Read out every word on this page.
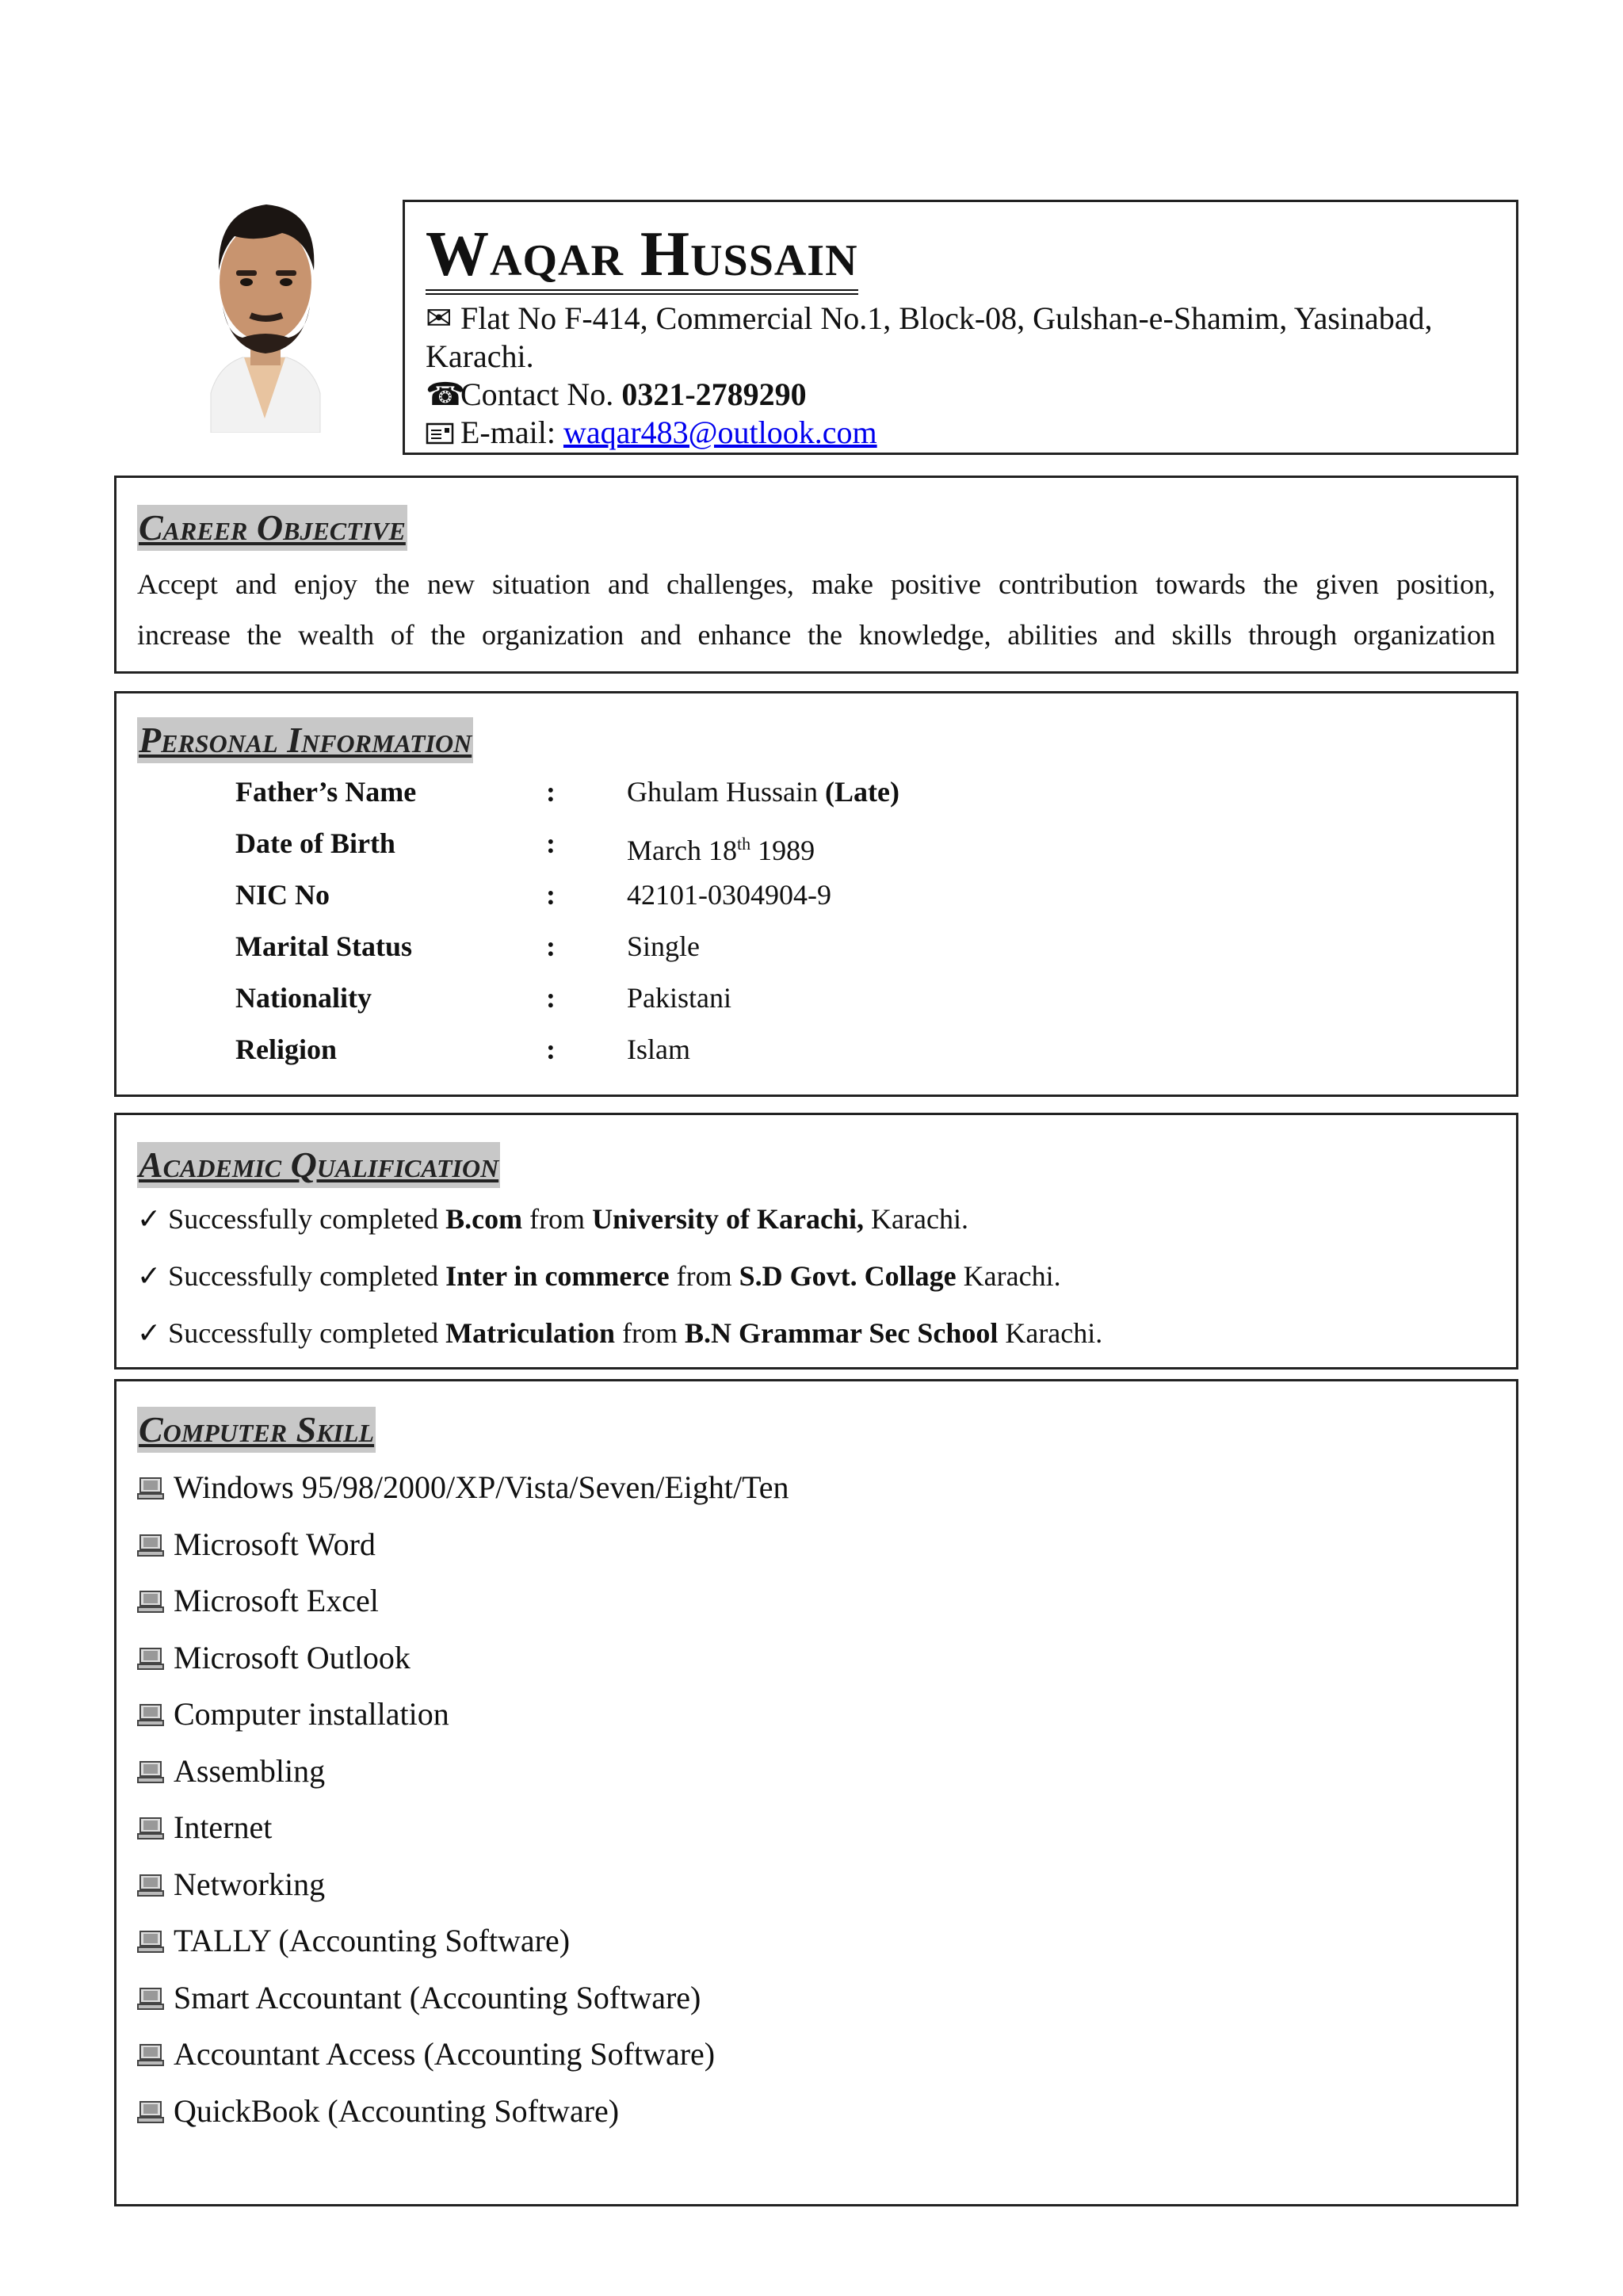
Waqar Hussain
✉ Flat No F-414, Commercial No.1, Block-08, Gulshan-e-Shamim, Yasinabad,
Karachi.
☎Contact No. 0321-2789290
E-mail: waqar483@outlook.com
Career Objective

Accept and enjoy the new situation and challenges, make positive contribution towards the given position,
increase the wealth of the organization and enhance the knowledge, abilities and skills through organization

Personal Information
Father’s Name	:	Ghulam Hussain (Late)
Date of Birth	:	March 18th 1989
NIC No	:	42101-0304904-9
Marital Status	:	Single
Nationality	:	Pakistani
Religion	:	Islam
Academic Qualification
✓ Successfully completed B.com from University of Karachi, Karachi.
✓ Successfully completed Inter in commerce from S.D Govt. Collage Karachi.
✓ Successfully completed Matriculation from B.N Grammar Sec School Karachi.
Computer Skill
Windows 95/98/2000/XP/Vista/Seven/Eight/Ten
Microsoft Word
Microsoft Excel
Microsoft Outlook
Computer installation
Assembling
Internet
Networking
TALLY (Accounting Software)
Smart Accountant (Accounting Software)
Accountant Access (Accounting Software)
QuickBook (Accounting Software)
